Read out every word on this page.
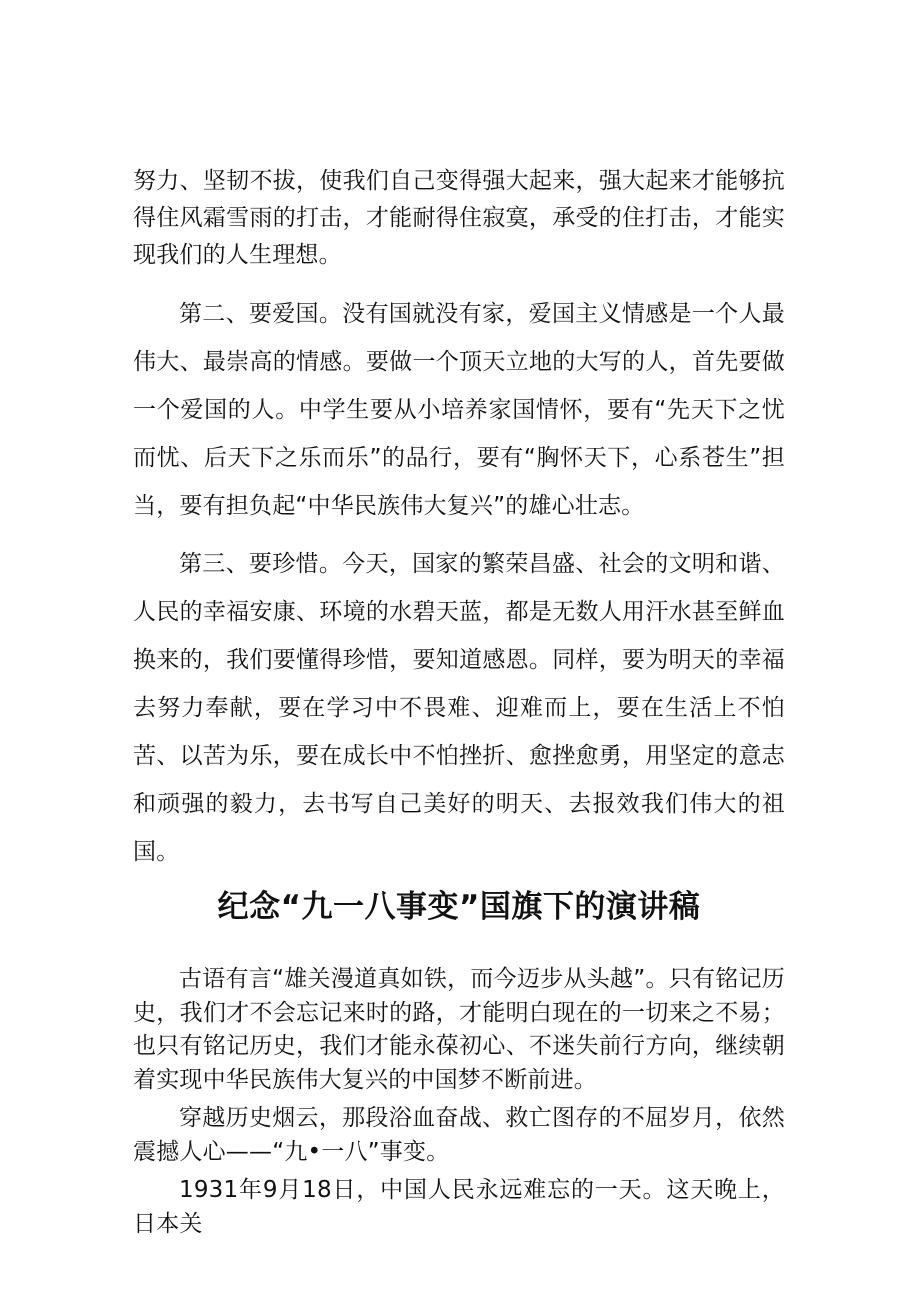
努力、坚韧不拔，使我们自己变得强大起来，强大起来才能够抗得住风霜雪雨的打击，才能耐得住寂寞，承受的住打击，才能实现我们的人生理想。

第二、要爱国。没有国就没有家，爱国主义情感是一个人最伟大、最崇高的情感。要做一个顶天立地的大写的人，首先要做一个爱国的人。中学生要从小培养家国情怀，要有“先天下之忧而忧、后天下之乐而乐”的品行，要有“胸怀天下，心系苍生”担当，要有担负起“中华民族伟大复兴”的雄心壮志。

第三、要珍惜。今天，国家的繁荣昌盛、社会的文明和谐、人民的幸福安康、环境的水碧天蓝，都是无数人用汗水甚至鲜血换来的，我们要懂得珍惜，要知道感恩。同样，要为明天的幸福去努力奉献，要在学习中不畏难、迎难而上，要在生活上不怕苦、以苦为乐，要在成长中不怕挫折、愈挫愈勇，用坚定的意志和顽强的毅力，去书写自己美好的明天、去报效我们伟大的祖国。

纪念“九一八事变”国旗下的演讲稿

古语有言“雄关漫道真如铁，而今迈步从头越”。只有铭记历史，我们才不会忘记来时的路，才能明白现在的一切来之不易；也只有铭记历史，我们才能永葆初心、不迷失前行方向，继续朝着实现中华民族伟大复兴的中国梦不断前进。

穿越历史烟云，那段浴血奋战、救亡图存的不屈岁月，依然震撼人心——“九•一八”事变。

1931年9月18日，中国人民永远难忘的一天。这天晚上，日本关
